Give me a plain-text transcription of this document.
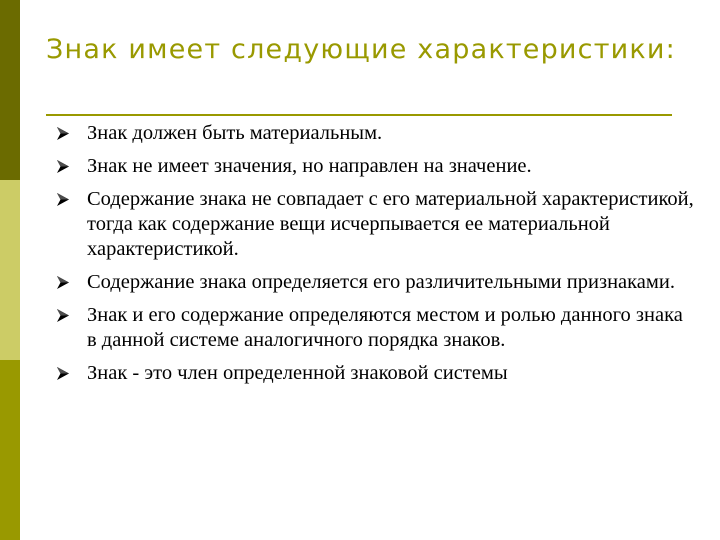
Знак имеет следующие характеристики:
Знак должен быть материальным.
Знак не имеет значения, но направлен на значение.
Содержание знака не совпадает с его материальной характеристикой, тогда как содержание вещи исчерпывается ее материальной характеристикой.
Содержание знака определяется его различительными признаками.
Знак и его содержание определяются местом и ролью данного знака в данной системе аналогичного порядка знаков.
Знак - это член определенной знаковой системы
